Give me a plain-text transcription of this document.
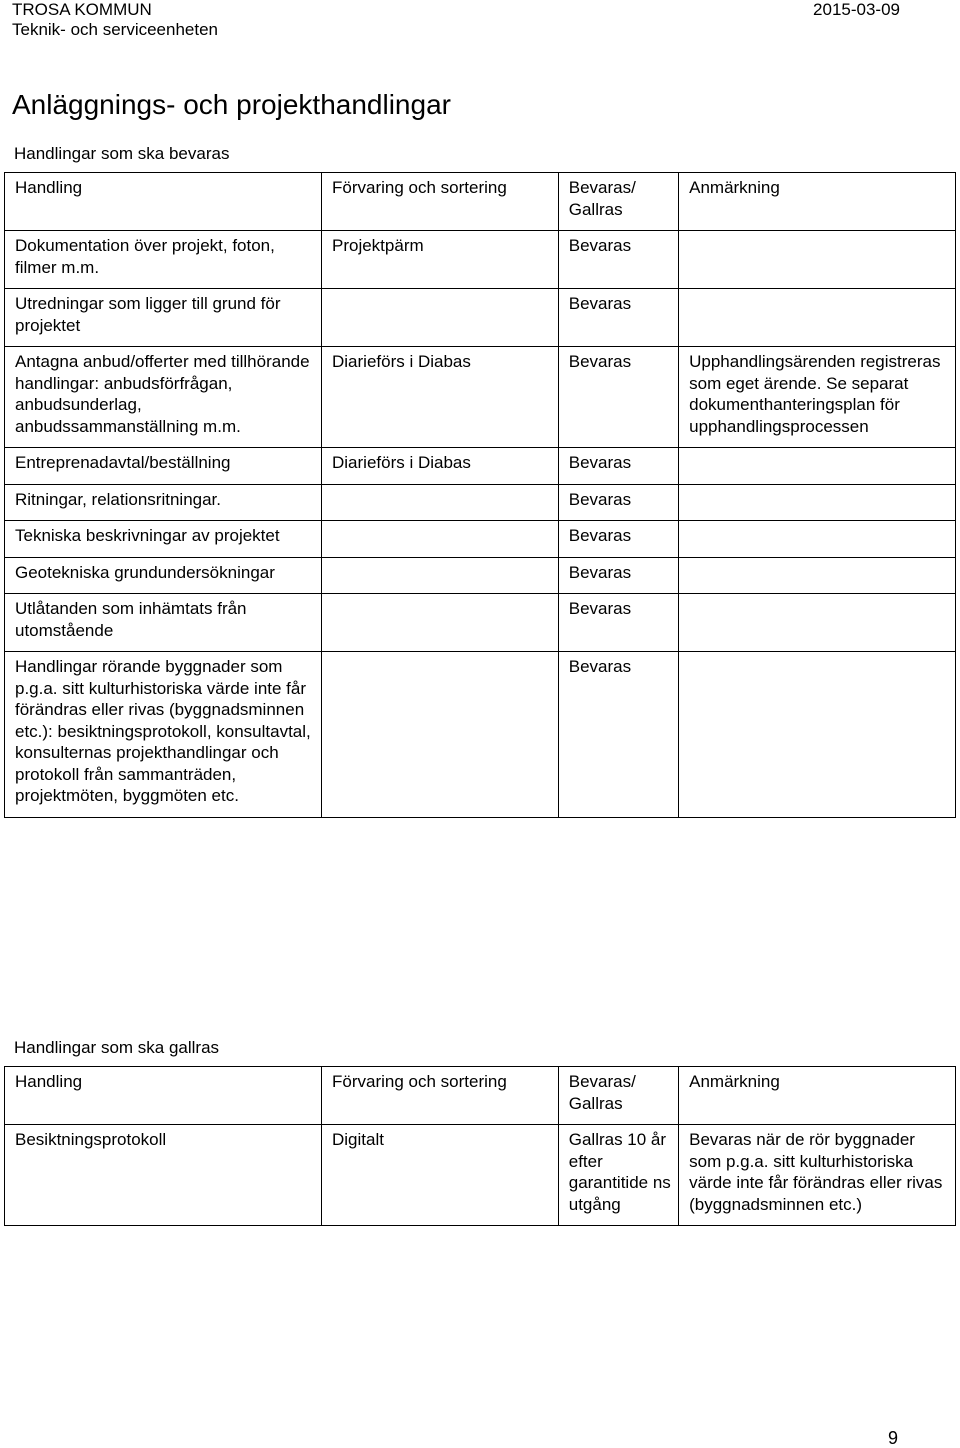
TROSA KOMMUN
Teknik- och serviceenheten
2015-03-09
Anläggnings- och projekthandlingar
Handlingar som ska bevaras
Handling	Förvaring och sortering	Bevaras/ Gallras	Anmärkning
Dokumentation över projekt, foton, filmer m.m.	Projektpärm	Bevaras	
Utredningar som ligger till grund för projektet		Bevaras	
Antagna anbud/offerter med tillhörande handlingar: anbudsförfrågan, anbudsunderlag, anbudssammanställning m.m.	Diarieförs i Diabas	Bevaras	Upphandlingsärenden registreras som eget ärende. Se separat dokumenthanteringsplan för upphandlingsprocessen
Entreprenadavtal/beställning	Diarieförs i Diabas	Bevaras	
Ritningar, relationsritningar.		Bevaras	
Tekniska beskrivningar av projektet		Bevaras	
Geotekniska grundundersökningar		Bevaras	
Utlåtanden som inhämtats från utomstående		Bevaras	
Handlingar rörande byggnader som p.g.a. sitt kulturhistoriska värde inte får förändras eller rivas (byggnadsminnen etc.): besiktningsprotokoll, konsultavtal, konsulternas projekthandlingar och protokoll från sammanträden, projektmöten, byggmöten etc.		Bevaras	
Handlingar som ska gallras
Handling	Förvaring och sortering	Bevaras/ Gallras	Anmärkning
Besiktningsprotokoll	Digitalt	Gallras 10 år efter garantitide ns utgång	Bevaras när de rör byggnader som p.g.a. sitt kulturhistoriska värde inte får förändras eller rivas (byggnadsminnen etc.)
9
